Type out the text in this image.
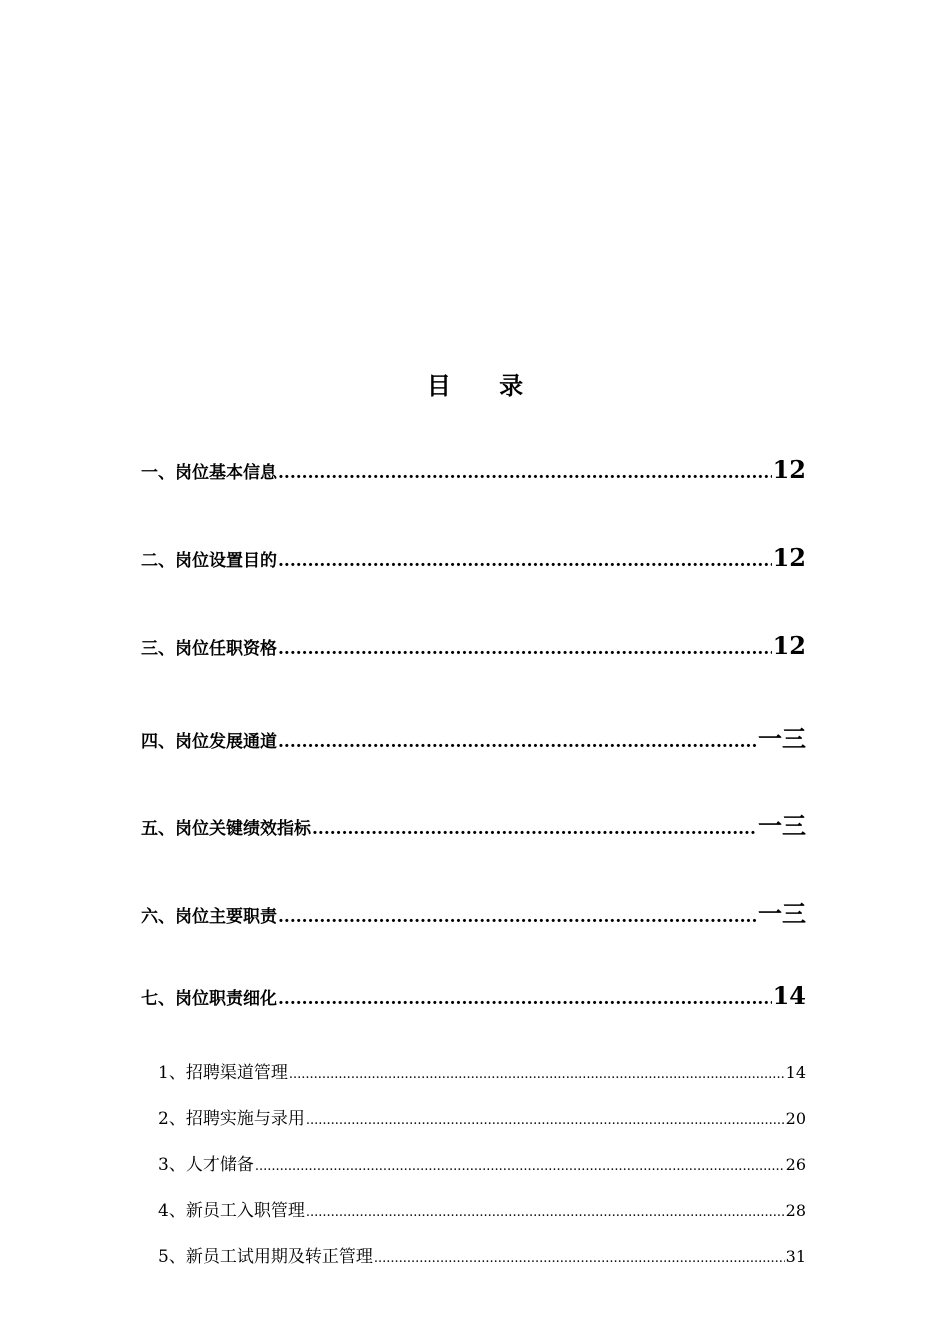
目 录
一、岗位基本信息 .....	12
二、岗位设置目的 .....	12
三、岗位任职资格 .....	12
四、岗位发展通道 .....	一三
五、岗位关键绩效指标 .....	一三
六、岗位主要职责 .....	一三
七、岗位职责细化 .....	14
1、招聘渠道管理 .....	14
2、招聘实施与录用 .....	20
3、人才储备 .....	26
4、新员工入职管理 .....	28
5、新员工试用期及转正管理 .....	31
